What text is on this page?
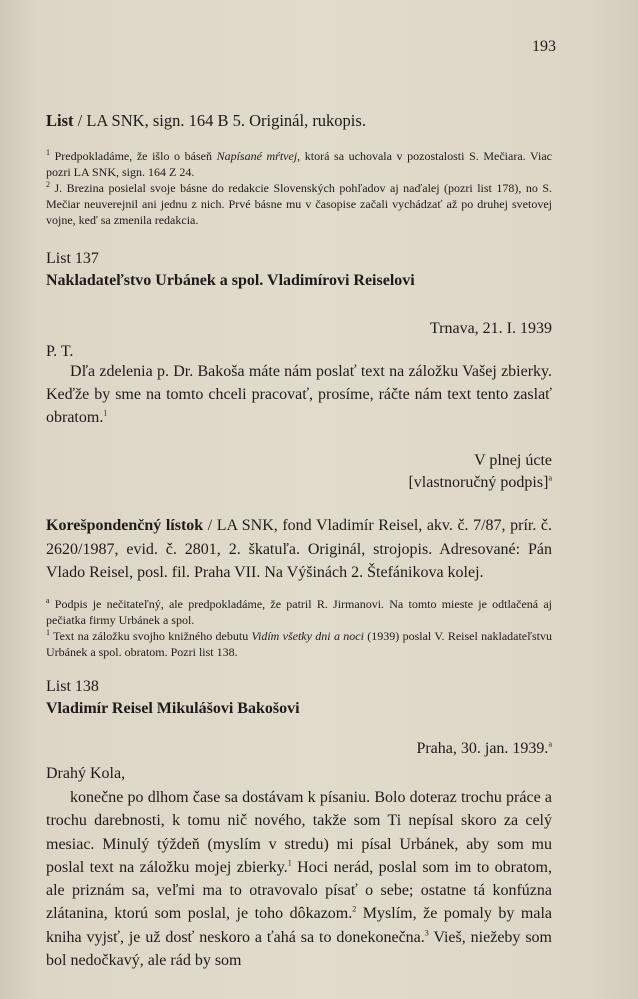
193
List / LA SNK, sign. 164 B 5. Originál, rukopis.

$^1$ Predpokladáme, že išlo o báseň Napísané mŕtvej, ktorá sa uchovala v pozostalosti S. Mečiara. Viac pozri LA SNK, sign. 164 Z 24.

$^2$ J. Brezina posielal svoje básne do redakcie Slovenských pohľadov aj naďalej (pozri list 178), no S. Mečiar neuverejnil ani jednu z nich. Prvé básne mu v časopise začali vychádzať až po druhej svetovej vojne, keď sa zmenila redakcia.

List 137
Nakladateľstvo Urbánek a spol. Vladimírovi Reiselovi
Trnava, 21. I. 1939
P. T.

Dľa zdelenia p. Dr. Bakoša máte nám poslať text na záložku Vašej zbierky. Keďže by sme na tomto chceli pracovať, prosíme, ráčte nám text tento zaslať obratom.$^1$

V plnej úcte
[vlastnoručný podpis]$^a$
Korešpondenčný lístok / LA SNK, fond Vladimír Reisel, akv. č. 7/87, prír. č. 2620/1987, evid. č. 2801, 2. škatuľa. Originál, strojopis. Adresované: Pán Vlado Reisel, posl. fil. Praha VII. Na Výšinách 2. Štefánikova kolej.

$^a$ Podpis je nečitateľný, ale predpokladáme, že patril R. Jirmanovi. Na tomto mieste je odtlačená aj pečiatka firmy Urbánek a spol.

$^1$ Text na záložku svojho knižného debutu Vidím všetky dni a noci (1939) poslal V. Reisel nakladateľstvu Urbánek a spol. obratom. Pozri list 138.

List 138
Vladimír Reisel Mikulášovi Bakošovi
Praha, 30. jan. 1939.$^a$
Drahý Kola,

konečne po dlhom čase sa dostávam k písaniu. Bolo doteraz trochu práce a trochu darebnosti, k tomu nič nového, takže som Ti nepísal skoro za celý mesiac. Minulý týždeň (myslím v stredu) mi písal Urbánek, aby som mu poslal text na záložku mojej zbierky.$^1$ Hoci nerád, poslal som im to obratom, ale priznám sa, veľmi ma to otravovalo písať o sebe; ostatne tá konfúzna zlátanina, ktorú som poslal, je toho dôkazom.$^2$ Myslím, že pomaly by mala kniha vyjsť, je už dosť neskoro a ťahá sa to donekonečna.$^3$ Vieš, niežeby som bol nedočkavý, ale rád by som
